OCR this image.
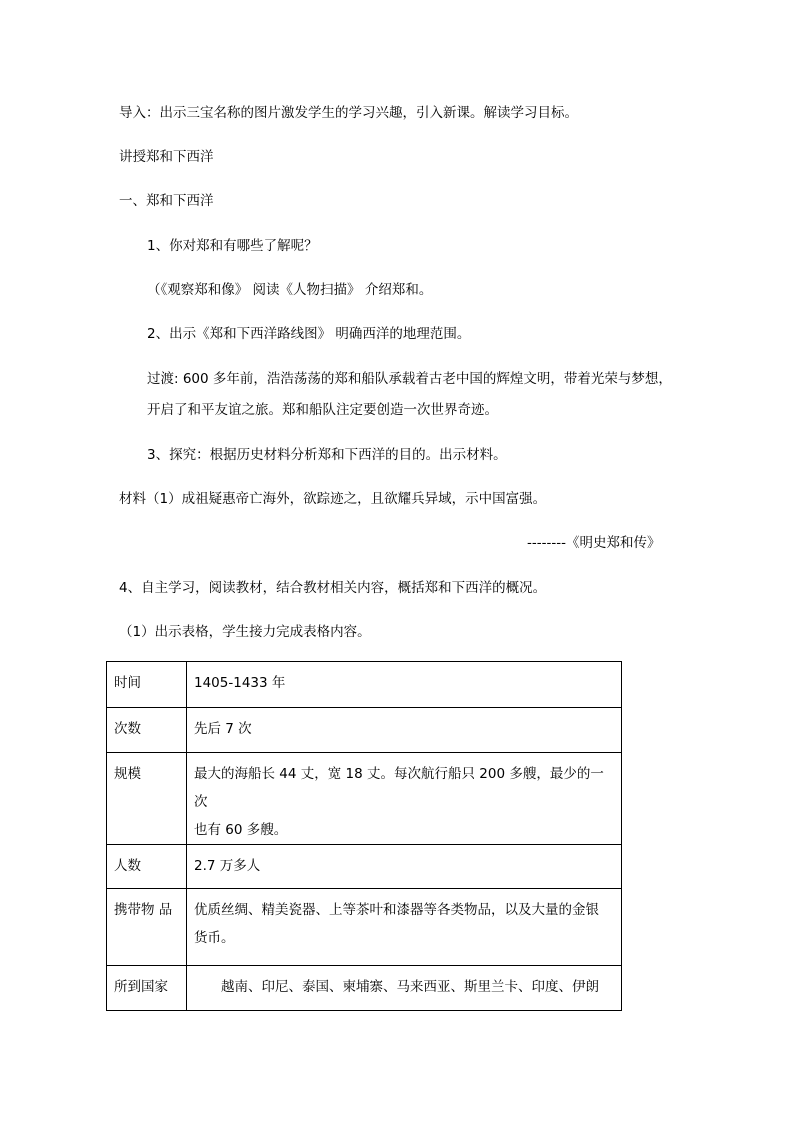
导入：出示三宝名称的图片激发学生的学习兴趣，引入新课。解读学习目标。
讲授郑和下西洋
一、郑和下西洋
1、你对郑和有哪些了解呢？
（《观察郑和像》 阅读《人物扫描》 介绍郑和。
2、出示《郑和下西洋路线图》 明确西洋的地理范围。
过渡: 600 多年前，浩浩荡荡的郑和船队承载着古老中国的辉煌文明，带着光荣与梦想，
开启了和平友谊之旅。郑和船队注定要创造一次世界奇迹。
3、探究：根据历史材料分析郑和下西洋的目的。出示材料。
材料（1）成祖疑惠帝亡海外，欲踪迹之，且欲耀兵异域，示中国富强。
--------《明史郑和传》
4、自主学习，阅读教材，结合教材相关内容，概括郑和下西洋的概况。
（1）出示表格，学生接力完成表格内容。
时间	1405-1433 年

次数	先后 7 次

规模	最大的海船长 44 丈，宽 18 丈。每次航行船只 200 多艘，最少的一次
也有 60 多艘。

人数	2.7 万多人

携带物 品	优质丝绸、精美瓷器、上等茶叶和漆器等各类物品，以及大量的金银
货币。

所到国家	　　越南、印尼、泰国、柬埔寨、马来西亚、斯里兰卡、印度、伊朗
